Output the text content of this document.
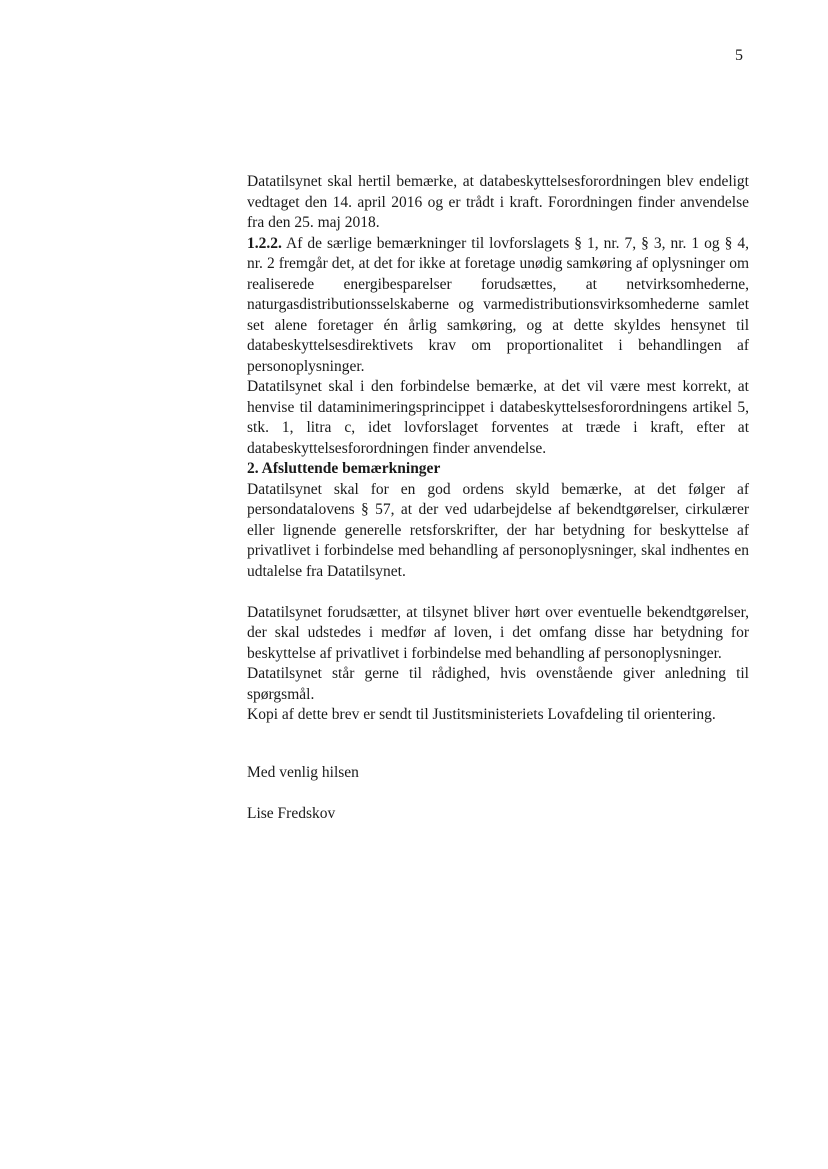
5

Datatilsynet skal hertil bemærke, at databeskyttelsesforordningen blev endeligt vedtaget den 14. april 2016 og er trådt i kraft. Forordningen finder anvendelse fra den 25. maj 2018.

1.2.2. Af de særlige bemærkninger til lovforslagets § 1, nr. 7, § 3, nr. 1 og § 4, nr. 2 fremgår det, at det for ikke at foretage unødig samkøring af oplysninger om realiserede energibesparelser forudsættes, at netvirksomhederne, naturgasdistributionsselskaberne og varmedistributionsvirksomhederne samlet set alene foretager én årlig samkøring, og at dette skyldes hensynet til databeskyttelsesdirektivets krav om proportionalitet i behandlingen af personoplysninger.

Datatilsynet skal i den forbindelse bemærke, at det vil være mest korrekt, at henvise til dataminimeringsprincippet i databeskyttelsesforordningens artikel 5, stk. 1, litra c, idet lovforslaget forventes at træde i kraft, efter at databeskyttelsesforordningen finder anvendelse.

2. Afsluttende bemærkninger

Datatilsynet skal for en god ordens skyld bemærke, at det følger af persondatalovens § 57, at der ved udarbejdelse af bekendtgørelser, cirkulærer eller lignende generelle retsforskrifter, der har betydning for beskyttelse af privatlivet i forbindelse med behandling af personoplysninger, skal indhentes en udtalelse fra Datatilsynet.

Datatilsynet forudsætter, at tilsynet bliver hørt over eventuelle bekendtgørelser, der skal udstedes i medfør af loven, i det omfang disse har betydning for beskyttelse af privatlivet i forbindelse med behandling af personoplysninger.

Datatilsynet står gerne til rådighed, hvis ovenstående giver anledning til spørgsmål.

Kopi af dette brev er sendt til Justitsministeriets Lovafdeling til orientering.

Med venlig hilsen

Lise Fredskov
